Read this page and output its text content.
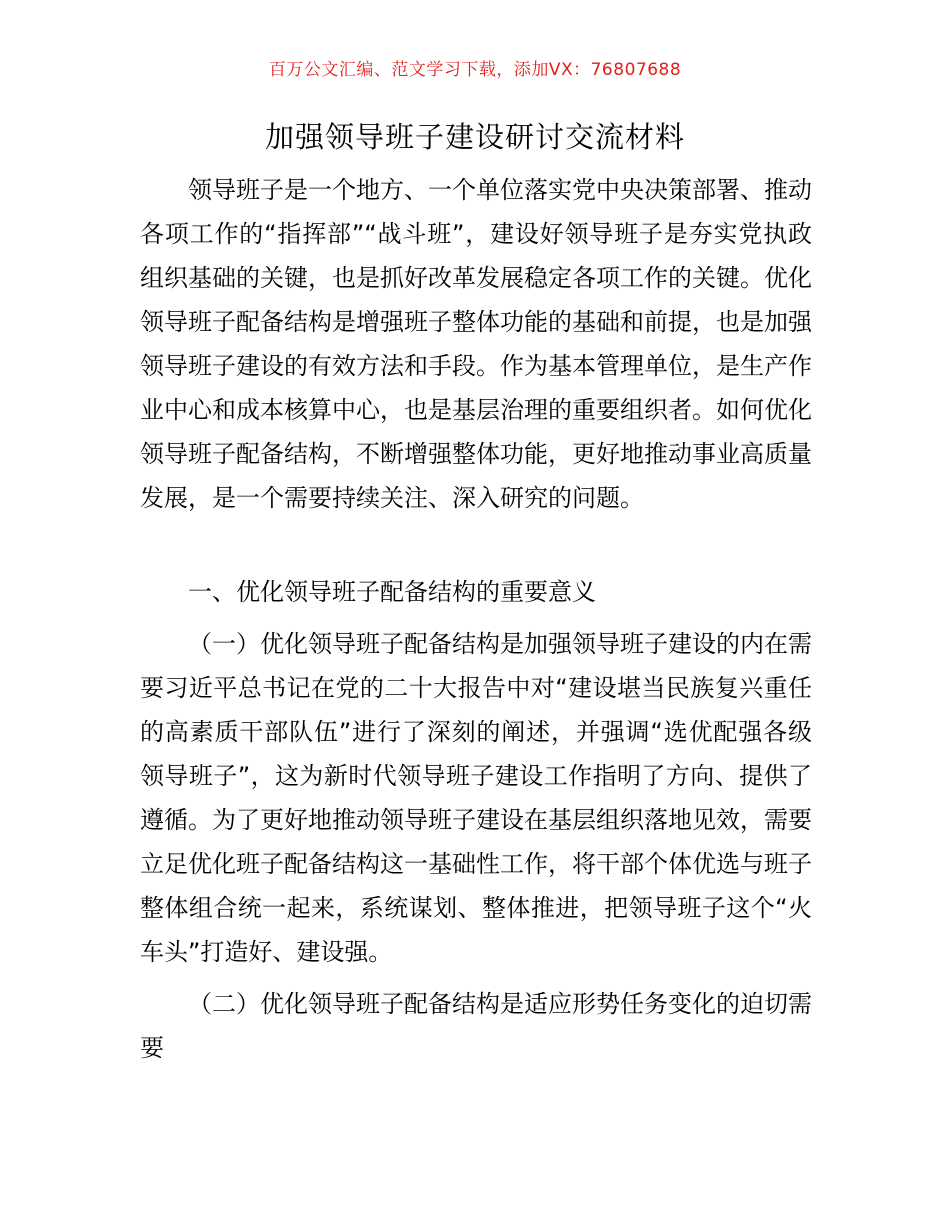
百万公文汇编、范文学习下载，添加VX：76807688
加强领导班子建设研讨交流材料

领导班子是一个地方、一个单位落实党中央决策部署、推动各项工作的“指挥部”“战斗班”，建设好领导班子是夯实党执政组织基础的关键，也是抓好改革发展稳定各项工作的关键。优化领导班子配备结构是增强班子整体功能的基础和前提，也是加强领导班子建设的有效方法和手段。作为基本管理单位，是生产作业中心和成本核算中心，也是基层治理的重要组织者。如何优化领导班子配备结构，不断增强整体功能，更好地推动事业高质量发展，是一个需要持续关注、深入研究的问题。

一、优化领导班子配备结构的重要意义

（一）优化领导班子配备结构是加强领导班子建设的内在需要习近平总书记在党的二十大报告中对“建设堪当民族复兴重任的高素质干部队伍”进行了深刻的阐述，并强调“选优配强各级领导班子”，这为新时代领导班子建设工作指明了方向、提供了遵循。为了更好地推动领导班子建设在基层组织落地见效，需要立足优化班子配备结构这一基础性工作，将干部个体优选与班子整体组合统一起来，系统谋划、整体推进，把领导班子这个“火车头”打造好、建设强。

（二）优化领导班子配备结构是适应形势任务变化的迫切需要
